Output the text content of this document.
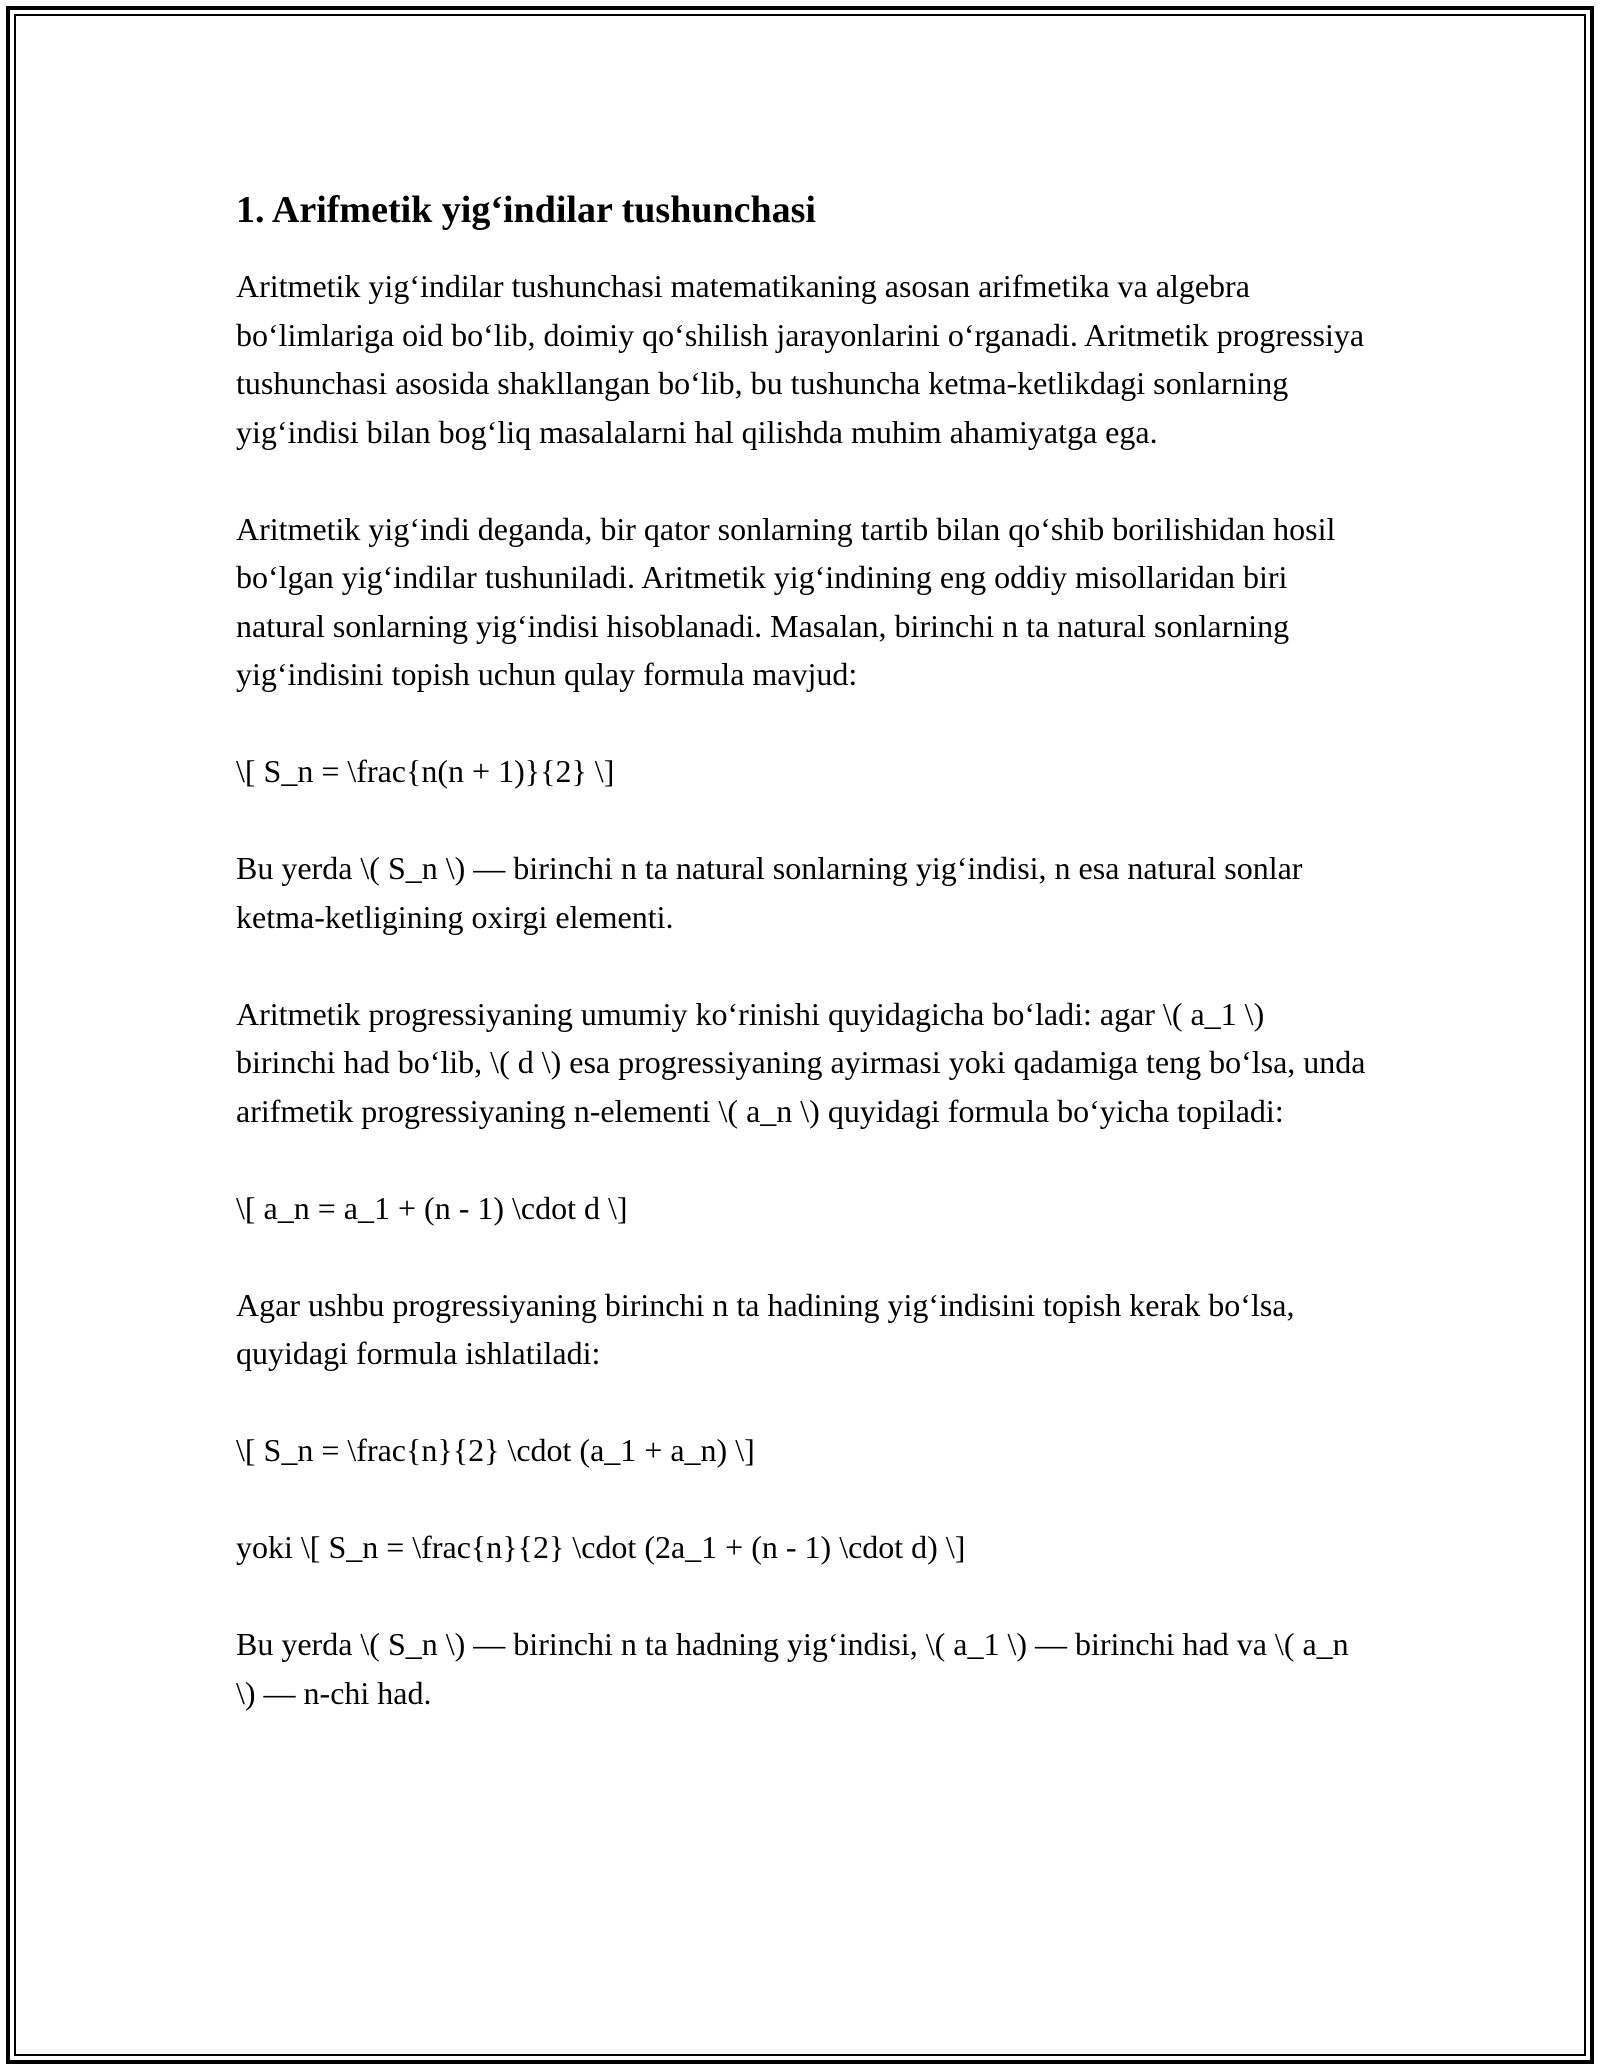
1. Arifmetik yig‘indilar tushunchasi

Aritmetik yig‘indilar tushunchasi matematikaning asosan arifmetika va algebra bo‘limlariga oid bo‘lib, doimiy qo‘shilish jarayonlarini o‘rganadi. Aritmetik progressiya tushunchasi asosida shakllangan bo‘lib, bu tushuncha ketma-ketlikdagi sonlarning yig‘indisi bilan bog‘liq masalalarni hal qilishda muhim ahamiyatga ega.

Aritmetik yig‘indi deganda, bir qator sonlarning tartib bilan qo‘shib borilishidan hosil bo‘lgan yig‘indilar tushuniladi. Aritmetik yig‘indining eng oddiy misollaridan biri natural sonlarning yig‘indisi hisoblanadi. Masalan, birinchi n ta natural sonlarning yig‘indisini topish uchun qulay formula mavjud:

\[ S_n = \frac{n(n + 1)}{2} \]

Bu yerda \( S_n \) — birinchi n ta natural sonlarning yig‘indisi, n esa natural sonlar ketma-ketligining oxirgi elementi.

Aritmetik progressiyaning umumiy ko‘rinishi quyidagicha bo‘ladi: agar \( a_1 \) birinchi had bo‘lib, \( d \) esa progressiyaning ayirmasi yoki qadamiga teng bo‘lsa, unda arifmetik progressiyaning n-elementi \( a_n \) quyidagi formula bo‘yicha topiladi:

\[ a_n = a_1 + (n - 1) \cdot d \]

Agar ushbu progressiyaning birinchi n ta hadining yig‘indisini topish kerak bo‘lsa, quyidagi formula ishlatiladi:

\[ S_n = \frac{n}{2} \cdot (a_1 + a_n) \]

yoki \[ S_n = \frac{n}{2} \cdot (2a_1 + (n - 1) \cdot d) \]

Bu yerda \( S_n \) — birinchi n ta hadning yig‘indisi, \( a_1 \) — birinchi had va \( a_n \) — n-chi had.
